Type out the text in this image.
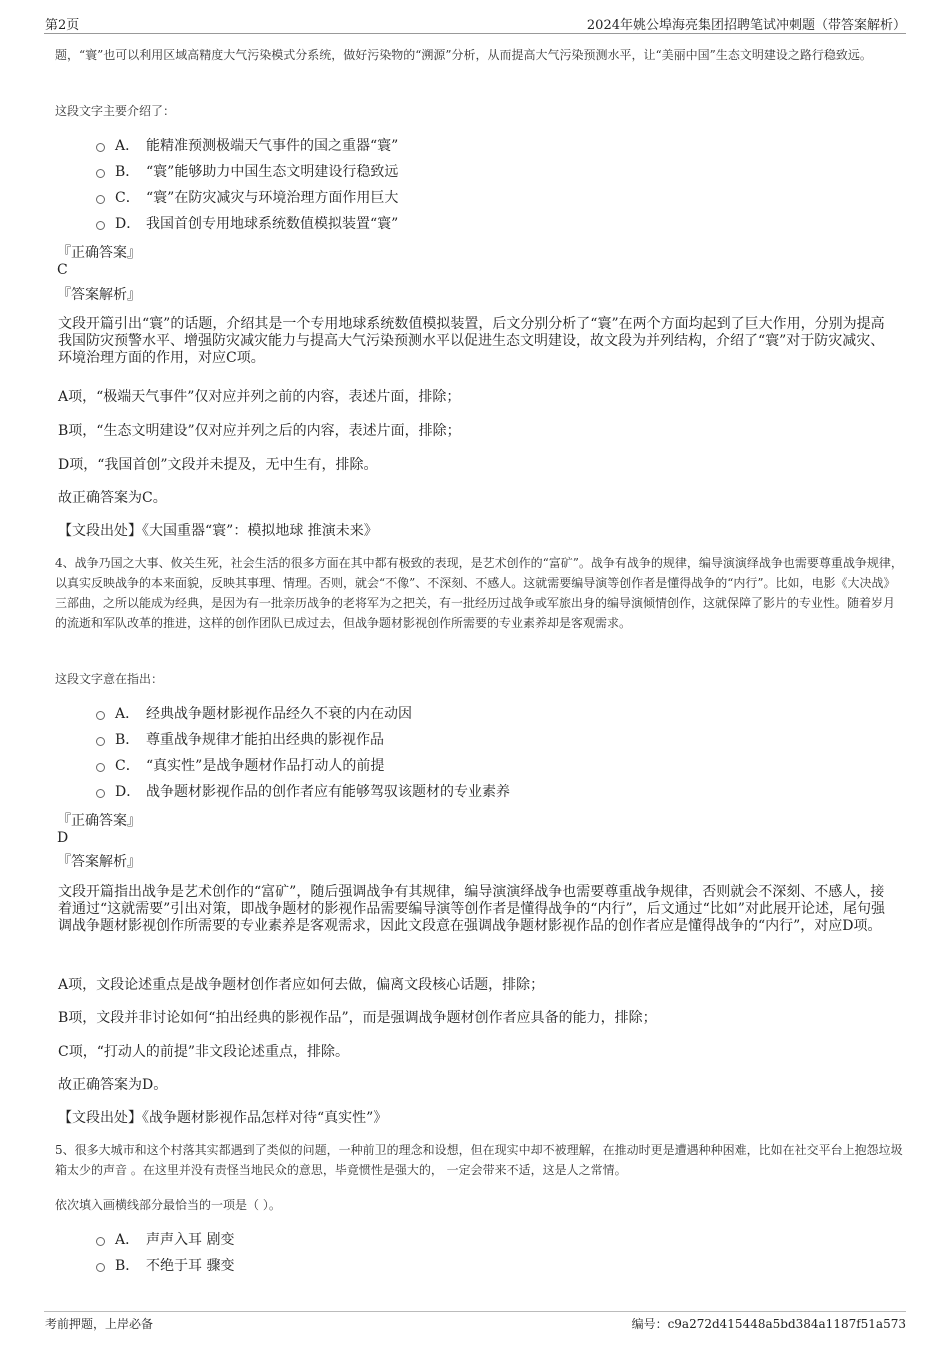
第2页	2024年姚公埠海亮集团招聘笔试冲刺题（带答案解析）

题，“寰”也可以利用区域高精度大气污染模式分系统，做好污染物的“溯源”分析，从而提高大气污染预测水平，让“美丽中国”生态文明建设之路行稳致远。

这段文字主要介绍了：
A． 能精准预测极端天气事件的国之重器“寰”
B． “寰”能够助力中国生态文明建设行稳致远
C． “寰”在防灾减灾与环境治理方面作用巨大
D． 我国首创专用地球系统数值模拟装置“寰”
『正确答案』
C
『答案解析』

文段开篇引出“寰”的话题，介绍其是一个专用地球系统数值模拟装置，后文分别分析了“寰”在两个方面均起到了巨大作用，分别为提高我国防灾预警水平、增强防灾减灾能力与提高大气污染预测水平以促进生态文明建设，故文段为并列结构，介绍了“寰”对于防灾减灾、环境治理方面的作用，对应C项。

A项，“极端天气事件”仅对应并列之前的内容，表述片面，排除；
B项，“生态文明建设”仅对应并列之后的内容，表述片面，排除；
D项，“我国首创”文段并未提及，无中生有，排除。
故正确答案为C。
【文段出处】《大国重器“寰”：模拟地球 推演未来》

4、战争乃国之大事、攸关生死，社会生活的很多方面在其中都有极致的表现，是艺术创作的“富矿”。战争有战争的规律，编导演演绎战争也需要尊重战争规律，以真实反映战争的本来面貌，反映其事理、情理。否则，就会“不像”、不深刻、不感人。这就需要编导演等创作者是懂得战争的“内行”。比如，电影《大决战》三部曲，之所以能成为经典，是因为有一批亲历战争的老将军为之把关，有一批经历过战争或军旅出身的编导演倾情创作，这就保障了影片的专业性。随着岁月的流逝和军队改革的推进，这样的创作团队已成过去，但战争题材影视创作所需要的专业素养却是客观需求。

这段文字意在指出：
A． 经典战争题材影视作品经久不衰的内在动因
B． 尊重战争规律才能拍出经典的影视作品
C． “真实性”是战争题材作品打动人的前提
D． 战争题材影视作品的创作者应有能够驾驭该题材的专业素养
『正确答案』
D
『答案解析』

文段开篇指出战争是艺术创作的“富矿”，随后强调战争有其规律，编导演演绎战争也需要尊重战争规律，否则就会不深刻、不感人，接着通过“这就需要”引出对策，即战争题材的影视作品需要编导演等创作者是懂得战争的“内行”，后文通过“比如”对此展开论述，尾句强调战争题材影视创作所需要的专业素养是客观需求，因此文段意在强调战争题材影视作品的创作者应是懂得战争的“内行”，对应D项。

A项，文段论述重点是战争题材创作者应如何去做，偏离文段核心话题，排除；
B项，文段并非讨论如何“拍出经典的影视作品”，而是强调战争题材创作者应具备的能力，排除；
C项，“打动人的前提”非文段论述重点，排除。
故正确答案为D。
【文段出处】《战争题材影视作品怎样对待“真实性”》

5、很多大城市和这个村落其实都遇到了类似的问题，一种前卫的理念和设想，但在现实中却不被理解，在推动时更是遭遇种种困难，比如在社交平台上抱怨垃圾箱太少的声音 。在这里并没有责怪当地民众的意思，毕竟惯性是强大的， 一定会带来不适，这是人之常情。

依次填入画横线部分最恰当的一项是（ ）。
A． 声声入耳 剧变
B． 不绝于耳 骤变
考前押题，上岸必备	编号：c9a272d415448a5bd384a1187f51a573
